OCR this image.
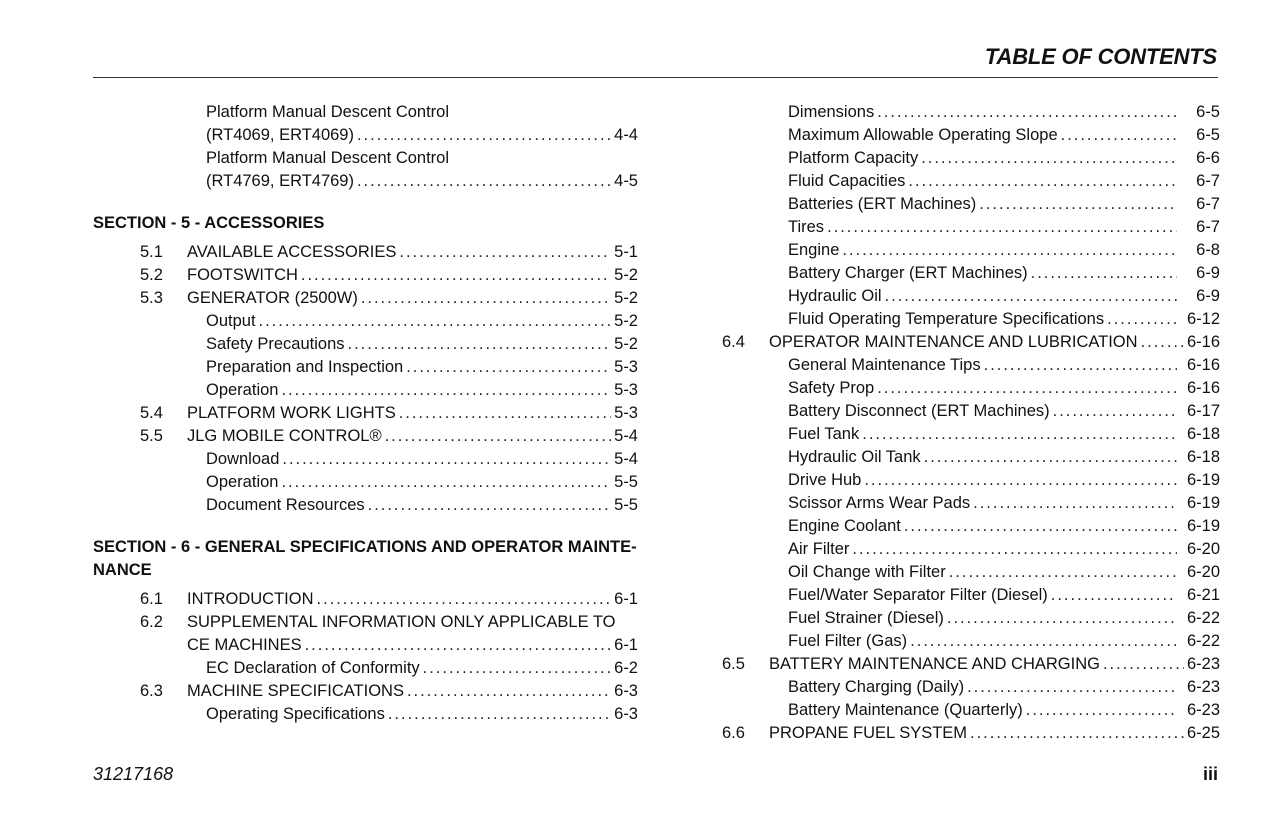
TABLE OF CONTENTS
Platform Manual Descent Control
(RT4069, ERT4069) . . .	4-4
Platform Manual Descent Control
(RT4769, ERT4769) . . .	4-5
SECTION - 5 - ACCESSORIES
5.1 AVAILABLE ACCESSORIES . . .	5-1
5.2 FOOTSWITCH . . .	5-2
5.3 GENERATOR (2500W) . . .	5-2
Output . . .	5-2
Safety Precautions . . .	5-2
Preparation and Inspection . . .	5-3
Operation . . .	5-3
5.4 PLATFORM WORK LIGHTS . . .	5-3
5.5 JLG MOBILE CONTROL® . . .	5-4
Download . . .	5-4
Operation . . .	5-5
Document Resources . . .	5-5
SECTION - 6 - GENERAL SPECIFICATIONS AND OPERATOR MAINTE-NANCE
6.1 INTRODUCTION . . .	6-1
6.2 SUPPLEMENTAL INFORMATION ONLY APPLICABLE TO
CE MACHINES . . .	6-1
EC Declaration of Conformity . . .	6-2
6.3 MACHINE SPECIFICATIONS . . .	6-3
Operating Specifications . . .	6-3
Dimensions . . .	6-5
Maximum Allowable Operating Slope . . .	6-5
Platform Capacity . . .	6-6
Fluid Capacities . . .	6-7
Batteries (ERT Machines) . . .	6-7
Tires . . .	6-7
Engine . . .	6-8
Battery Charger (ERT Machines) . . .	6-9
Hydraulic Oil . . .	6-9
Fluid Operating Temperature Specifications . . .	6-12
6.4 OPERATOR MAINTENANCE AND LUBRICATION . . .	6-16
General Maintenance Tips . . .	6-16
Safety Prop . . .	6-16
Battery Disconnect (ERT Machines) . . .	6-17
Fuel Tank . . .	6-18
Hydraulic Oil Tank . . .	6-18
Drive Hub . . .	6-19
Scissor Arms Wear Pads . . .	6-19
Engine Coolant . . .	6-19
Air Filter . . .	6-20
Oil Change with Filter . . .	6-20
Fuel/Water Separator Filter (Diesel) . . .	6-21
Fuel Strainer (Diesel) . . .	6-22
Fuel Filter (Gas) . . .	6-22
6.5 BATTERY MAINTENANCE AND CHARGING . . .	6-23
Battery Charging (Daily) . . .	6-23
Battery Maintenance (Quarterly) . . .	6-23
6.6 PROPANE FUEL SYSTEM . . .	6-25
31217168	iii
